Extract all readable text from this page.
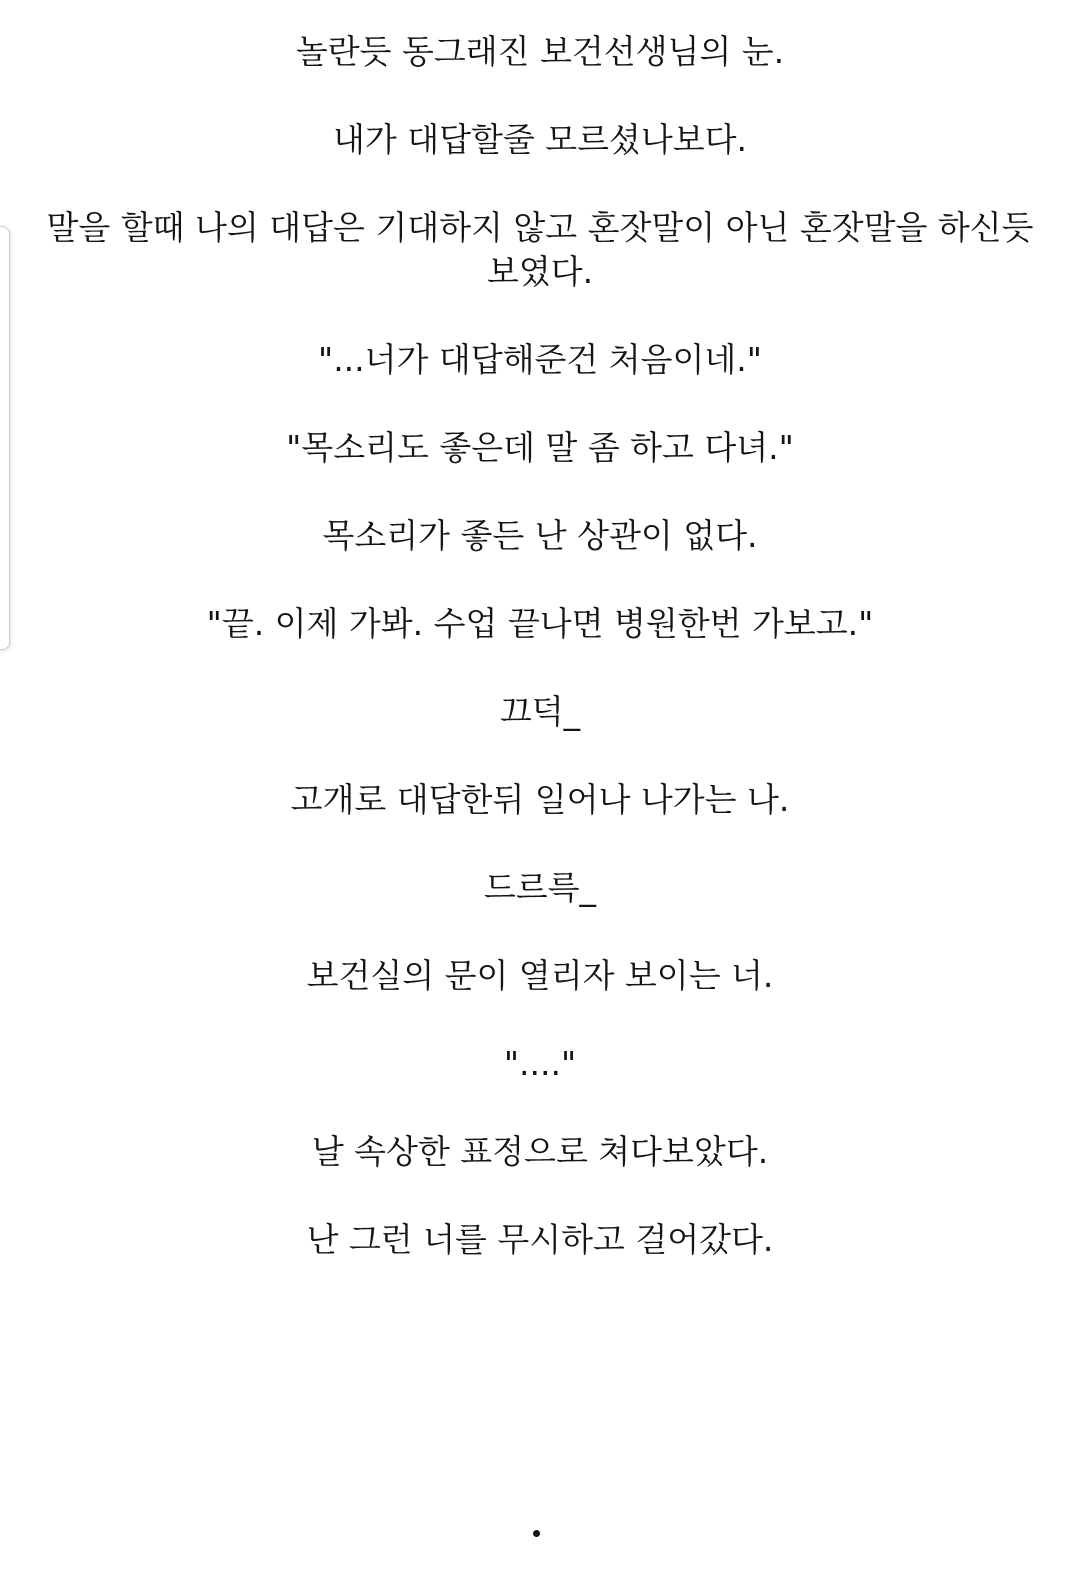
놀란듯 동그래진 보건선생님의 눈.

내가 대답할줄 모르셨나보다.

말을 할때 나의 대답은 기대하지 않고 혼잣말이 아닌 혼잣말을 하신듯 보였다.

"...너가 대답해준건 처음이네."

"목소리도 좋은데 말 좀 하고 다녀."

목소리가 좋든 난 상관이 없다.

"끝. 이제 가봐. 수업 끝나면 병원한번 가보고."

끄덕_

고개로 대답한뒤 일어나 나가는 나.

드르륵_

보건실의 문이 열리자 보이는 너.

"...."

날 속상한 표정으로 쳐다보았다.

난 그런 너를 무시하고 걸어갔다.
